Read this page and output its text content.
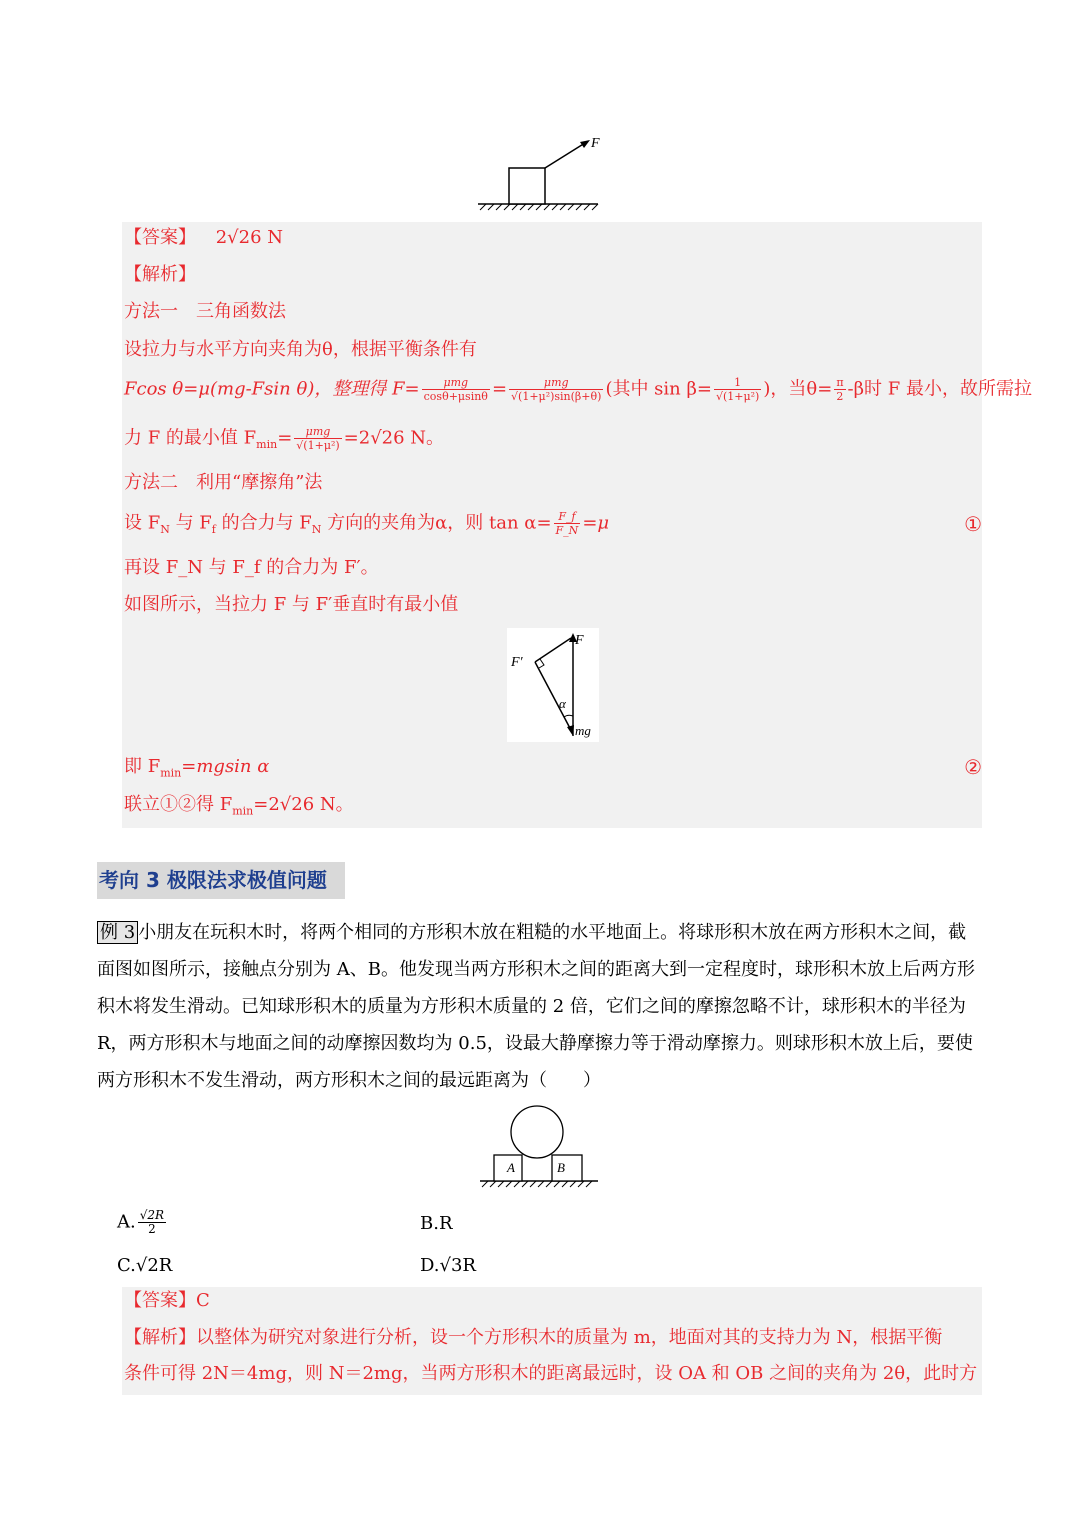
F
【答案】 2√26 N
【解析】
方法一　三角函数法
设拉力与水平方向夹角为θ，根据平衡条件有
Fcos θ=μ(mg-Fsin θ)，整理得 $F= \frac{\text{μmg}}{\cos\theta+\mu\sin\theta} = \frac{\text{μmg}}{\text{√(1+μ²)sin(β+θ)}}$ (其中 $\sin \beta= \frac{1}{\text{√(1+μ²)}}$ )，当$\theta= \frac{\pi}{2} -\beta$时 F 最小，故所需拉
力 F 的最小值 $F_{min}= \frac{\text{μmg}}{\text{√(1+μ²)}} =2√26$ N。
方法二　利用“摩擦角”法
设 $F_N$ 与 $F_f$ 的合力与 $F_N$ 方向的夹角为α，则 $\tan \alpha= \frac{F\_f}{F\_N} =\mu$	①
再设 F_N 与 F_f 的合力为 F′。
如图所示，当拉力 F 与 F′垂直时有最小值
F
F′
α
mg
即 $F_{min}=mgsin$ α	②
联立①②得 $F_{min}=2√26$ N。
考向 3 极限法求极值问题
例 3 小朋友在玩积木时，将两个相同的方形积木放在粗糙的水平地面上。将球形积木放在两方形积木之间，截面图如图所示，接触点分别为 A、B。他发现当两方形积木之间的距离大到一定程度时，球形积木放上后两方形积木将发生滑动。已知球形积木的质量为方形积木质量的 2 倍，它们之间的摩擦忽略不计，球形积木的半径为 R，两方形积木与地面之间的动摩擦因数均为 0.5，设最大静摩擦力等于滑动摩擦力。则球形积木放上后，要使两方形积木不发生滑动，两方形积木之间的最远距离为（　　）
A	B
A. $\frac{√2R}{2}$	B.R
C.√2R	D.√3R
【答案】C
【解析】以整体为研究对象进行分析，设一个方形积木的质量为 m，地面对其的支持力为 N，根据平衡
条件可得 2N＝4mg，则 N＝2mg，当两方形积木的距离最远时，设 OA 和 OB 之间的夹角为 2θ，此时方
